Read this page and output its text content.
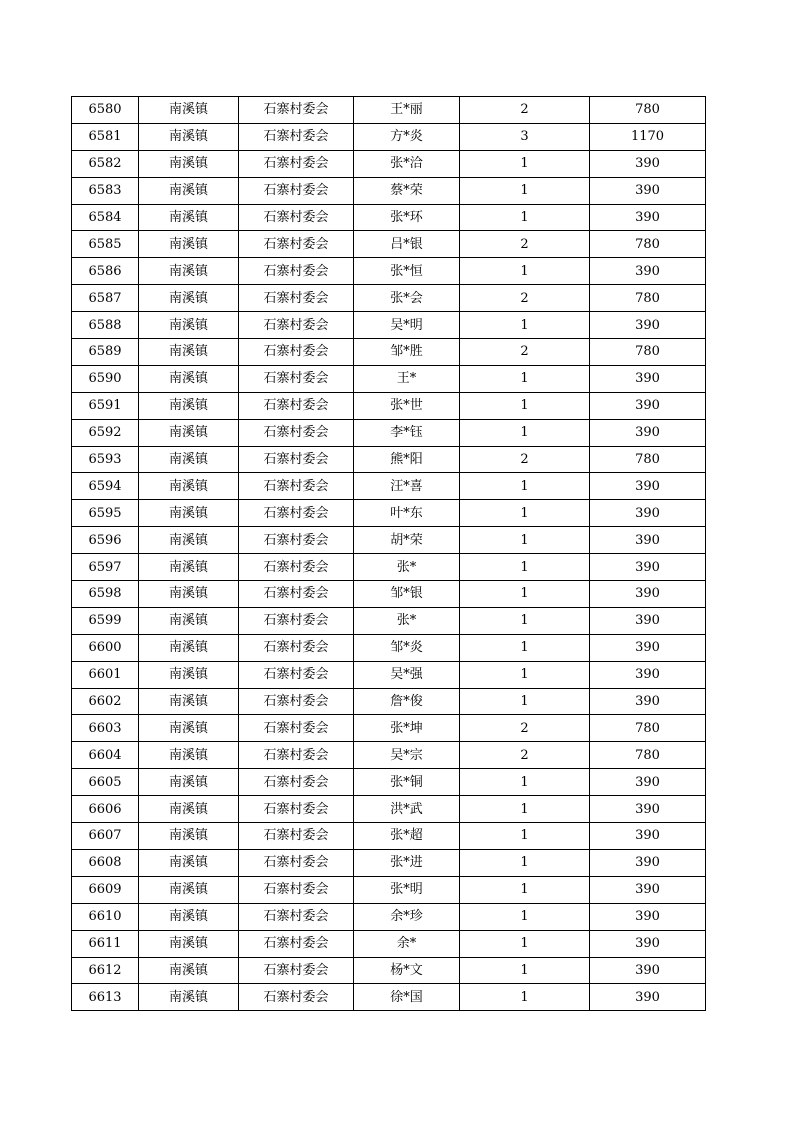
6580	南溪镇	石寨村委会	王*丽	2	780
6581	南溪镇	石寨村委会	方*炎	3	1170
6582	南溪镇	石寨村委会	张*洽	1	390
6583	南溪镇	石寨村委会	蔡*荣	1	390
6584	南溪镇	石寨村委会	张*环	1	390
6585	南溪镇	石寨村委会	吕*银	2	780
6586	南溪镇	石寨村委会	张*恒	1	390
6587	南溪镇	石寨村委会	张*会	2	780
6588	南溪镇	石寨村委会	吴*明	1	390
6589	南溪镇	石寨村委会	邹*胜	2	780
6590	南溪镇	石寨村委会	王*	1	390
6591	南溪镇	石寨村委会	张*世	1	390
6592	南溪镇	石寨村委会	李*钰	1	390
6593	南溪镇	石寨村委会	熊*阳	2	780
6594	南溪镇	石寨村委会	汪*喜	1	390
6595	南溪镇	石寨村委会	叶*东	1	390
6596	南溪镇	石寨村委会	胡*荣	1	390
6597	南溪镇	石寨村委会	张*	1	390
6598	南溪镇	石寨村委会	邹*银	1	390
6599	南溪镇	石寨村委会	张*	1	390
6600	南溪镇	石寨村委会	邹*炎	1	390
6601	南溪镇	石寨村委会	吴*强	1	390
6602	南溪镇	石寨村委会	詹*俊	1	390
6603	南溪镇	石寨村委会	张*坤	2	780
6604	南溪镇	石寨村委会	吴*宗	2	780
6605	南溪镇	石寨村委会	张*铜	1	390
6606	南溪镇	石寨村委会	洪*武	1	390
6607	南溪镇	石寨村委会	张*超	1	390
6608	南溪镇	石寨村委会	张*进	1	390
6609	南溪镇	石寨村委会	张*明	1	390
6610	南溪镇	石寨村委会	余*珍	1	390
6611	南溪镇	石寨村委会	余*	1	390
6612	南溪镇	石寨村委会	杨*文	1	390
6613	南溪镇	石寨村委会	徐*国	1	390
